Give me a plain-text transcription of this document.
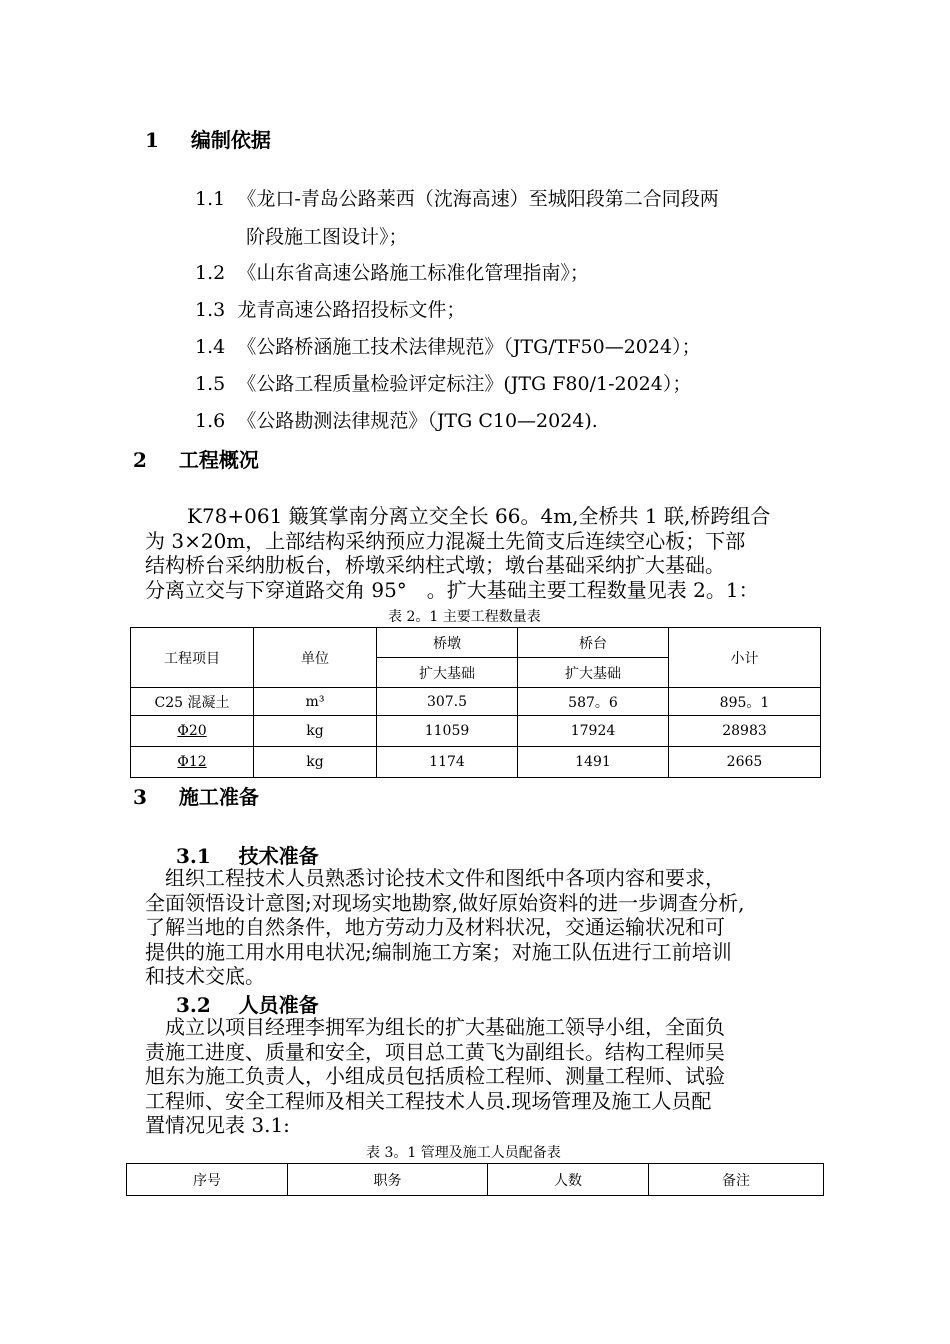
1 编制依据
1.1 《龙口-青岛公路莱西（沈海高速）至城阳段第二合同段两
阶段施工图设计》；
1.2 《山东省高速公路施工标准化管理指南》；
1.3 龙青高速公路招投标文件；
1.4 《公路桥涵施工技术法律规范》（JTG/TF50—2024）；
1.5 《公路工程质量检验评定标注》(JTG F80/1-2024）；
1.6 《公路勘测法律规范》（JTG C10—2024).
2 工程概况
K78+061 簸箕掌南分离立交全长 66。4m,全桥共 1 联,桥跨组合
为 3×20m，上部结构采纳预应力混凝土先简支后连续空心板；下部
结构桥台采纳肋板台，桥墩采纳柱式墩；墩台基础采纳扩大基础。
分离立交与下穿道路交角 95°　。扩大基础主要工程数量见表 2。1：
表 2。1 主要工程数量表
工程项目	单位	桥墩	桥台	小计
		扩大基础	扩大基础	
C25 混凝土	m³	307.5	587。6	895。1
Φ20	kg	11059	17924	28983
Φ12	kg	1174	1491	2665
3 施工准备
3.1 技术准备
　组织工程技术人员熟悉讨论技术文件和图纸中各项内容和要求，
全面领悟设计意图;对现场实地勘察,做好原始资料的进一步调查分析,
了解当地的自然条件，地方劳动力及材料状况，交通运输状况和可
提供的施工用水用电状况;编制施工方案；对施工队伍进行工前培训
和技术交底。
3.2 人员准备
　成立以项目经理李拥军为组长的扩大基础施工领导小组，全面负
责施工进度、质量和安全，项目总工黄飞为副组长。结构工程师吴
旭东为施工负责人，小组成员包括质检工程师、测量工程师、试验
工程师、安全工程师及相关工程技术人员.现场管理及施工人员配
置情况见表 3.1:
表 3。1 管理及施工人员配备表
序号	职务	人数	备注
